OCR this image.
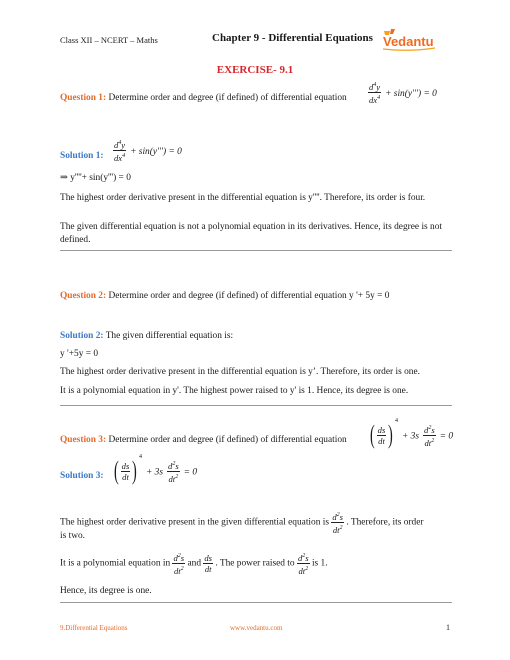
Class XII – NCERT – Maths	Chapter 9 - Differential Equations Vedantu
EXERCISE- 9.1
Question 1: Determine order and degree (if defined) of differential equation	$\frac{d^4y}{dx^4} + \sin(y''') = 0$
Solution 1: $\frac{d^4y}{dx^4} + \sin(y''') = 0$
⇒ y''''+ sin(y''') = 0
The highest order derivative present in the differential equation is y''''. Therefore, its order is four.
The given differential equation is not a polynomial equation in its derivatives. Hence, its degree is not defined.
Question 2: Determine order and degree (if defined) of differential equation y '+ 5y = 0
Solution 2: The given differential equation is:
y '+5y = 0
The highest order derivative present in the differential equation is y’. Therefore, its order is one.
It is a polynomial equation in y'. The highest power raised to y' is 1. Hence, its degree is one.
Question 3: Determine order and degree (if defined) of differential equation ( $\frac{ds}{dt}$ ) $^4 + 3s \frac{d^2s}{dt^2} = 0$
Solution 3: ( $\frac{ds}{dt}$ ) $^4 + 3s \frac{d^2s}{dt^2} = 0$
The highest order derivative present in the given differential equation is $\frac{d^2s}{dt^2}$ . Therefore, its order
is two.
It is a polynomial equation in $\frac{d^2s}{dt^2}$ and $\frac{ds}{dt}$ . The power raised to $\frac{d^2s}{dt^2}$ is 1.
Hence, its degree is one.
9.Differential Equations	www.vedantu.com	1
